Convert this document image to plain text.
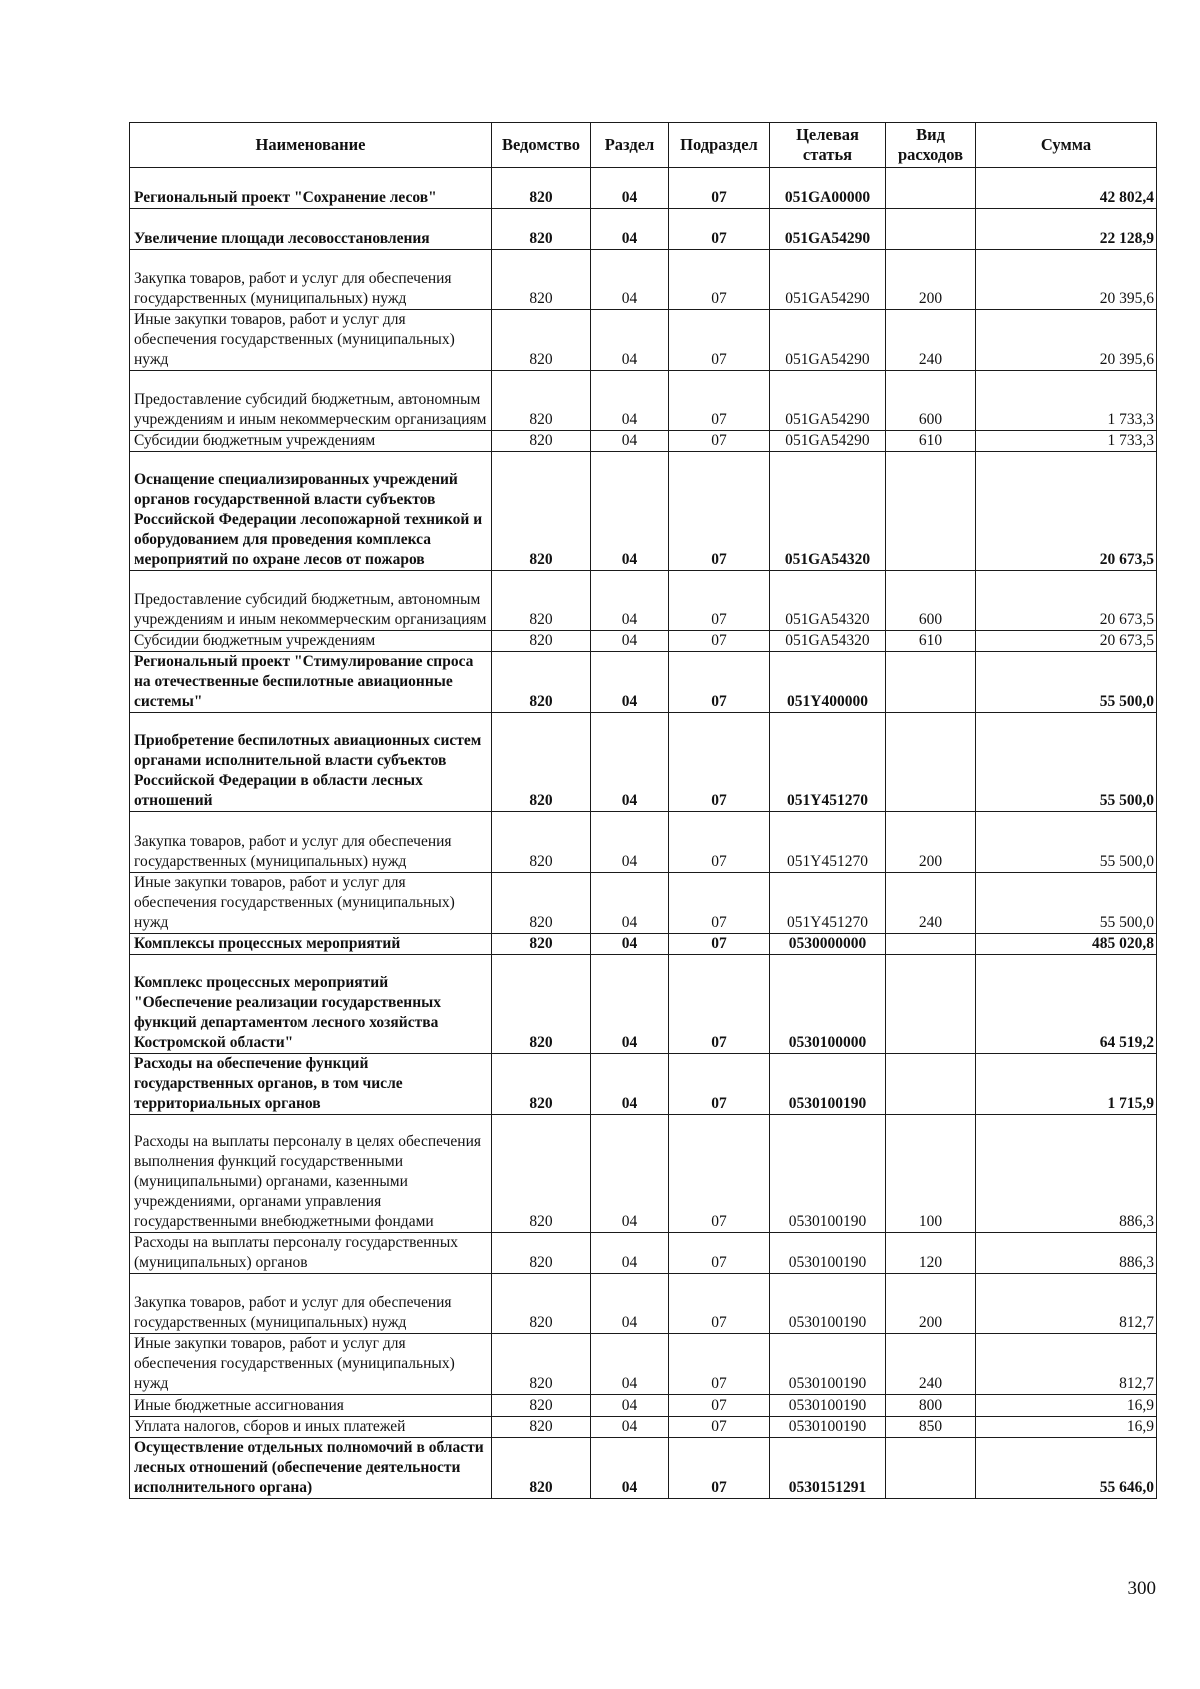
Наименование	Ведомство	Раздел	Подраздел	Целевая статья	Вид расходов	Сумма
Региональный проект "Сохранение лесов"	820	04	07	051GA00000		42 802,4
Увеличение площади лесовосстановления	820	04	07	051GA54290		22 128,9
Закупка товаров, работ и услуг для обеспечения государственных (муниципальных) нужд	820	04	07	051GA54290	200	20 395,6
Иные закупки товаров, работ и услуг для обеспечения государственных (муниципальных) нужд	820	04	07	051GA54290	240	20 395,6
Предоставление субсидий бюджетным, автономным учреждениям и иным некоммерческим организациям	820	04	07	051GA54290	600	1 733,3
Субсидии бюджетным учреждениям	820	04	07	051GA54290	610	1 733,3
Оснащение специализированных учреждений органов государственной власти субъектов Российской Федерации лесопожарной техникой и оборудованием для проведения комплекса мероприятий по охране лесов от пожаров	820	04	07	051GA54320		20 673,5
Предоставление субсидий бюджетным, автономным учреждениям и иным некоммерческим организациям	820	04	07	051GA54320	600	20 673,5
Субсидии бюджетным учреждениям	820	04	07	051GA54320	610	20 673,5
Региональный проект "Стимулирование спроса на отечественные беспилотные авиационные системы"	820	04	07	051Y400000		55 500,0
Приобретение беспилотных авиационных систем органами исполнительной власти субъектов Российской Федерации в области лесных отношений	820	04	07	051Y451270		55 500,0
Закупка товаров, работ и услуг для обеспечения государственных (муниципальных) нужд	820	04	07	051Y451270	200	55 500,0
Иные закупки товаров, работ и услуг для обеспечения государственных (муниципальных) нужд	820	04	07	051Y451270	240	55 500,0
Комплексы процессных мероприятий	820	04	07	0530000000		485 020,8
Комплекс процессных мероприятий "Обеспечение реализации государственных функций департаментом лесного хозяйства Костромской области"	820	04	07	0530100000		64 519,2
Расходы на обеспечение функций государственных органов, в том числе территориальных органов	820	04	07	0530100190		1 715,9
Расходы на выплаты персоналу в целях обеспечения выполнения функций государственными (муниципальными) органами, казенными учреждениями, органами управления государственными внебюджетными фондами	820	04	07	0530100190	100	886,3
Расходы на выплаты персоналу государственных (муниципальных) органов	820	04	07	0530100190	120	886,3
Закупка товаров, работ и услуг для обеспечения государственных (муниципальных) нужд	820	04	07	0530100190	200	812,7
Иные закупки товаров, работ и услуг для обеспечения государственных (муниципальных) нужд	820	04	07	0530100190	240	812,7
Иные бюджетные ассигнования	820	04	07	0530100190	800	16,9
Уплата налогов, сборов и иных платежей	820	04	07	0530100190	850	16,9
Осуществление отдельных полномочий в области лесных отношений (обеспечение деятельности исполнительного органа)	820	04	07	0530151291		55 646,0
300
